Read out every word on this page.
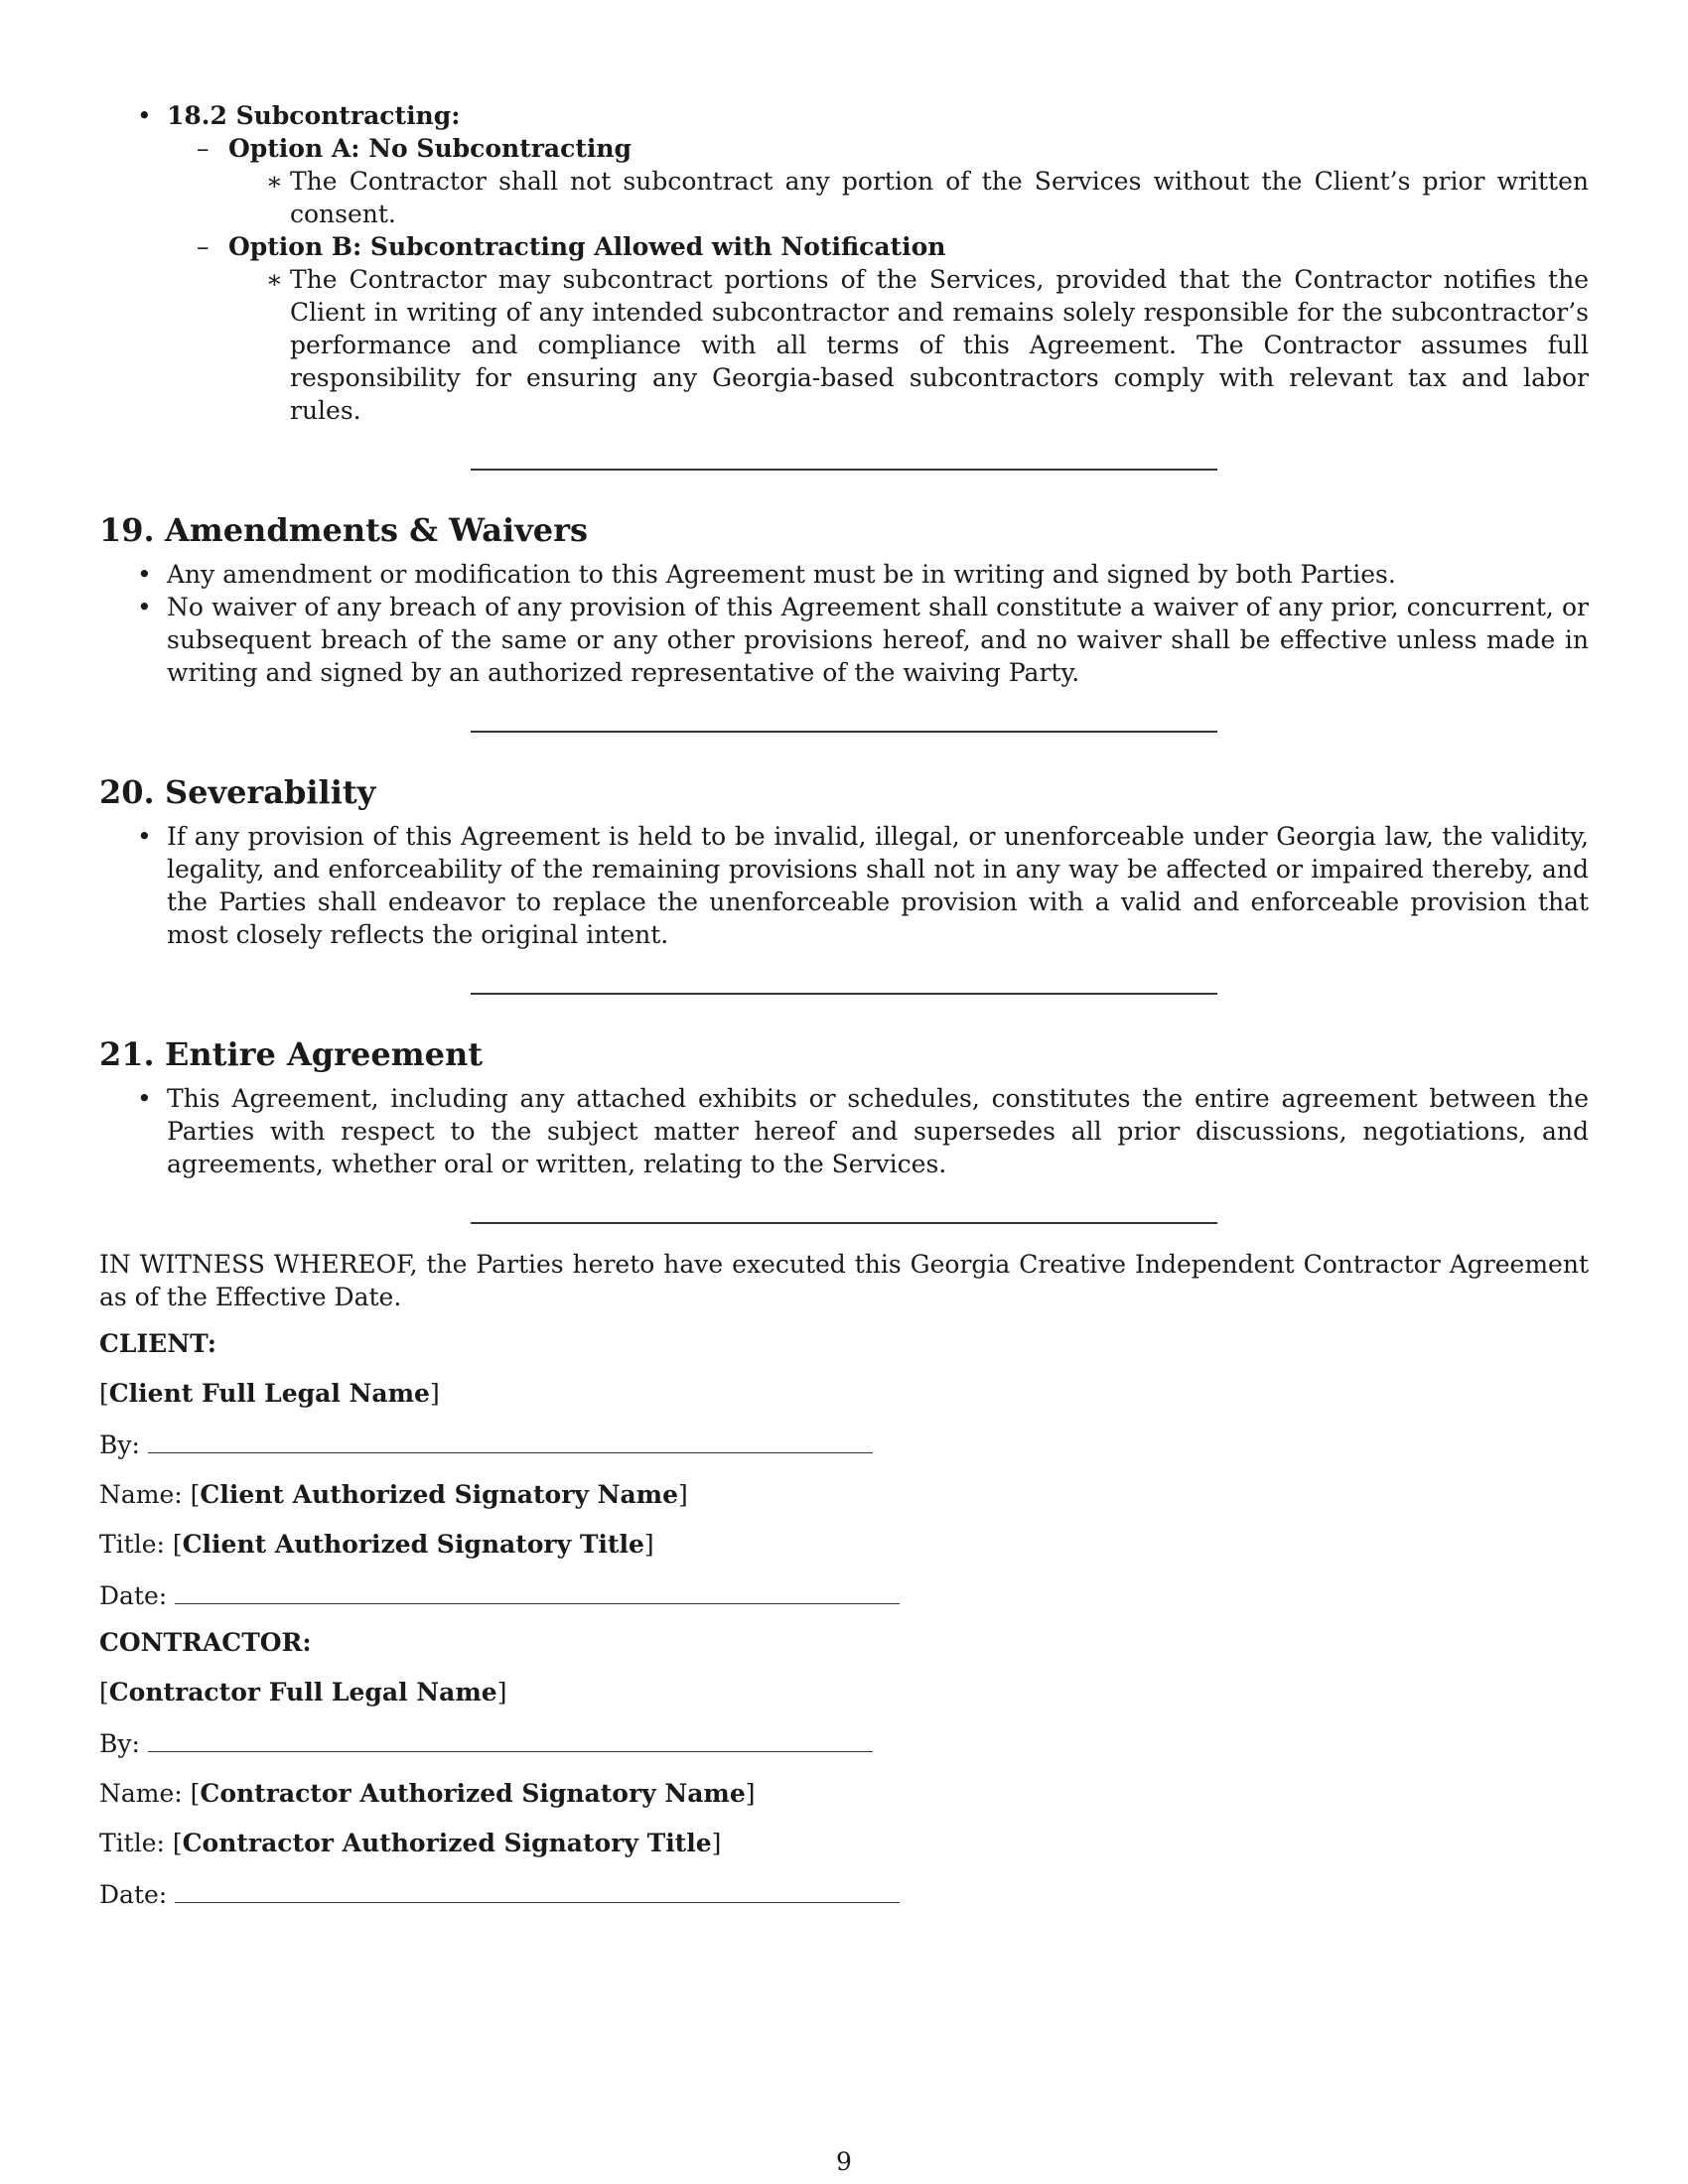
• 18.2 Subcontracting:
– Option A: No Subcontracting
∗ The Contractor shall not subcontract any portion of the Services without the Client’s prior written consent.
– Option B: Subcontracting Allowed with Notification
∗ The Contractor may subcontract portions of the Services, provided that the Contractor notifies the Client in writing of any intended subcontractor and remains solely responsible for the subcontractor’s performance and compliance with all terms of this Agreement. The Contractor assumes full responsibility for ensuring any Georgia-based subcontractors comply with relevant tax and labor rules.
19. Amendments & Waivers
• Any amendment or modification to this Agreement must be in writing and signed by both Parties.
• No waiver of any breach of any provision of this Agreement shall constitute a waiver of any prior, concurrent, or subsequent breach of the same or any other provisions hereof, and no waiver shall be effective unless made in writing and signed by an authorized representative of the waiving Party.
20. Severability
• If any provision of this Agreement is held to be invalid, illegal, or unenforceable under Georgia law, the validity, legality, and enforceability of the remaining provisions shall not in any way be affected or impaired thereby, and the Parties shall endeavor to replace the unenforceable provision with a valid and enforceable provision that most closely reflects the original intent.
21. Entire Agreement
• This Agreement, including any attached exhibits or schedules, constitutes the entire agreement between the Parties with respect to the subject matter hereof and supersedes all prior discussions, negotiations, and agreements, whether oral or written, relating to the Services.
IN WITNESS WHEREOF, the Parties hereto have executed this Georgia Creative Independent Contractor Agreement as of the Effective Date.
CLIENT:
[Client Full Legal Name]
By:
Name: [Client Authorized Signatory Name]
Title: [Client Authorized Signatory Title]
Date:
CONTRACTOR:
[Contractor Full Legal Name]
By:
Name: [Contractor Authorized Signatory Name]
Title: [Contractor Authorized Signatory Title]
Date:
9
